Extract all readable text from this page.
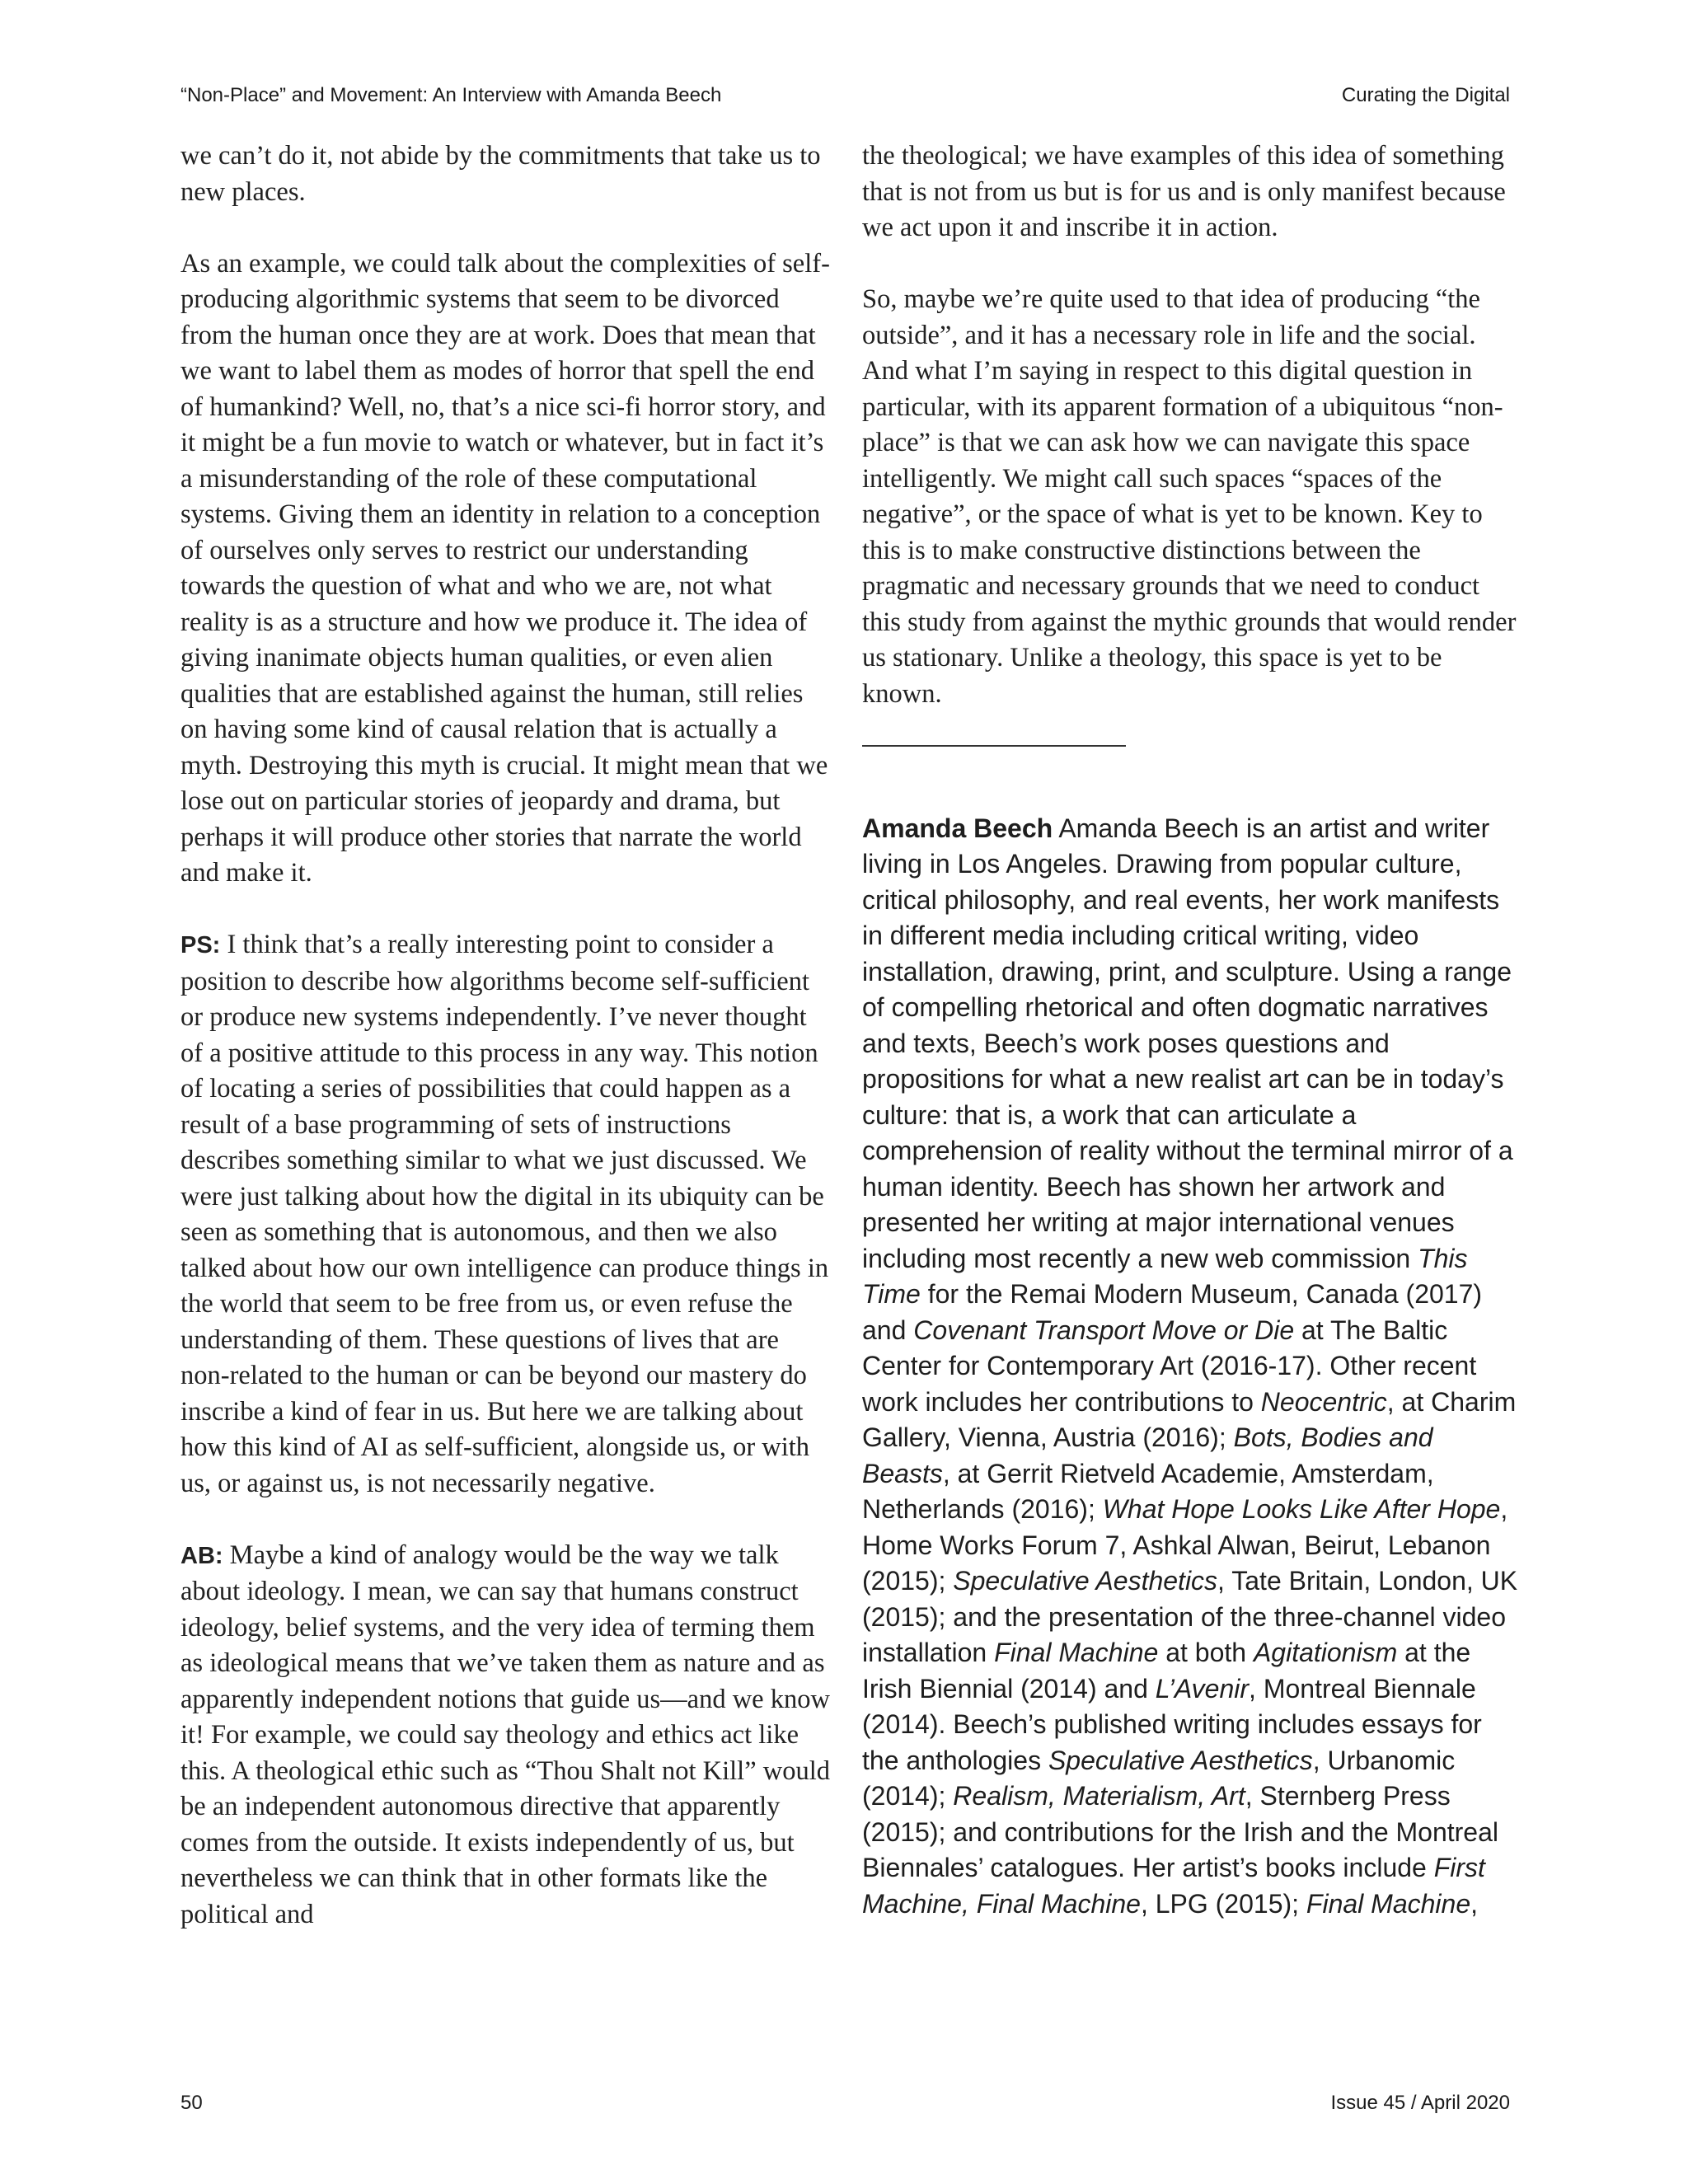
“Non-Place” and Movement: An Interview with Amanda Beech	Curating the Digital

we can’t do it, not abide by the commitments that take us to new places.

As an example, we could talk about the complexities of self-producing algorithmic systems that seem to be divorced from the human once they are at work. Does that mean that we want to label them as modes of horror that spell the end of humankind? Well, no, that’s a nice sci-fi horror story, and it might be a fun movie to watch or whatever, but in fact it’s a misunderstanding of the role of these computational systems. Giving them an identity in relation to a conception of ourselves only serves to restrict our understanding towards the question of what and who we are, not what reality is as a structure and how we produce it. The idea of giving inanimate objects human qualities, or even alien qualities that are established against the human, still relies on having some kind of causal relation that is actually a myth. Destroying this myth is crucial. It might mean that we lose out on particular stories of jeopardy and drama, but perhaps it will produce other stories that narrate the world and make it.

PS: I think that’s a really interesting point to consider a position to describe how algorithms become self-sufficient or produce new systems independently. I’ve never thought of a positive attitude to this process in any way. This notion of locating a series of possibilities that could happen as a result of a base programming of sets of instructions describes something similar to what we just discussed. We were just talking about how the digital in its ubiquity can be seen as something that is autonomous, and then we also talked about how our own intelligence can produce things in the world that seem to be free from us, or even refuse the understanding of them. These questions of lives that are non-related to the human or can be beyond our mastery do inscribe a kind of fear in us. But here we are talking about how this kind of AI as self-sufficient, alongside us, or with us, or against us, is not necessarily negative.

AB: Maybe a kind of analogy would be the way we talk about ideology. I mean, we can say that humans construct ideology, belief systems, and the very idea of terming them as ideological means that we’ve taken them as nature and as apparently independent notions that guide us—and we know it! For example, we could say theology and ethics act like this. A theological ethic such as “Thou Shalt not Kill” would be an independent autonomous directive that apparently comes from the outside. It exists independently of us, but nevertheless we can think that in other formats like the political and

the theological; we have examples of this idea of something that is not from us but is for us and is only manifest because we act upon it and inscribe it in action.

So, maybe we’re quite used to that idea of producing “the outside”, and it has a necessary role in life and the social. And what I’m saying in respect to this digital question in particular, with its apparent formation of a ubiquitous “non-place” is that we can ask how we can navigate this space intelligently. We might call such spaces “spaces of the negative”, or the space of what is yet to be known. Key to this is to make constructive distinctions between the pragmatic and necessary grounds that we need to conduct this study from against the mythic grounds that would render us stationary. Unlike a theology, this space is yet to be known.

Amanda Beech Amanda Beech is an artist and writer living in Los Angeles. Drawing from popular culture, critical philosophy, and real events, her work manifests in different media including critical writing, video installation, drawing, print, and sculpture. Using a range of compelling rhetorical and often dogmatic narratives and texts, Beech’s work poses questions and propositions for what a new realist art can be in today’s culture: that is, a work that can articulate a comprehension of reality without the terminal mirror of a human identity. Beech has shown her artwork and presented her writing at major international venues including most recently a new web commission This Time for the Remai Modern Museum, Canada (2017) and Covenant Transport Move or Die at The Baltic Center for Contemporary Art (2016-17). Other recent work includes her contributions to Neocentric, at Charim Gallery, Vienna, Austria (2016); Bots, Bodies and Beasts, at Gerrit Rietveld Academie, Amsterdam, Netherlands (2016); What Hope Looks Like After Hope, Home Works Forum 7, Ashkal Alwan, Beirut, Lebanon (2015); Speculative Aesthetics, Tate Britain, London, UK (2015); and the presentation of the three-channel video installation Final Machine at both Agitationism at the Irish Biennial (2014) and L’Avenir, Montreal Biennale (2014). Beech’s published writing includes essays for the anthologies Speculative Aesthetics, Urbanomic (2014); Realism, Materialism, Art, Sternberg Press (2015); and contributions for the Irish and the Montreal Biennales’ catalogues. Her artist’s books include First Machine, Final Machine, LPG (2015); Final Machine,

50	Issue 45 / April 2020
